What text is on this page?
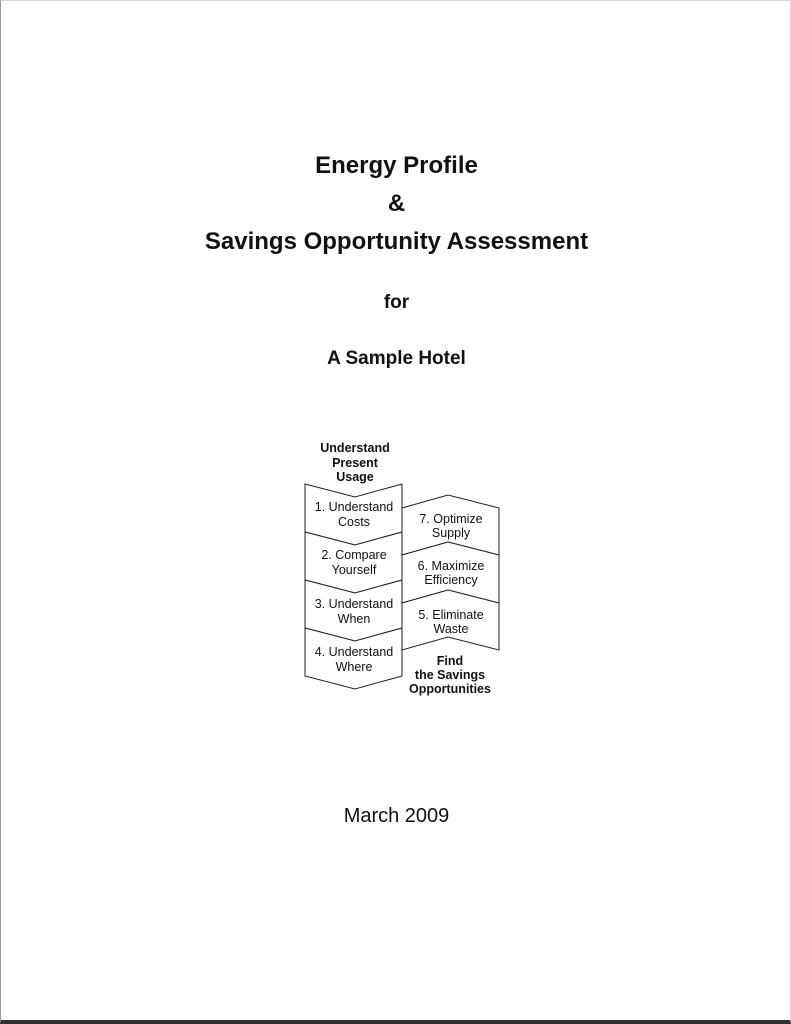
Energy Profile
&
Savings Opportunity Assessment
for
A Sample Hotel
Understand
Present
Usage
1. Understand
Costs
2. Compare
Yourself
3. Understand
When
4. Understand
Where
7. Optimize
Supply
6. Maximize
Efficiency
5. Eliminate
Waste
Find
the Savings
Opportunities
March 2009
